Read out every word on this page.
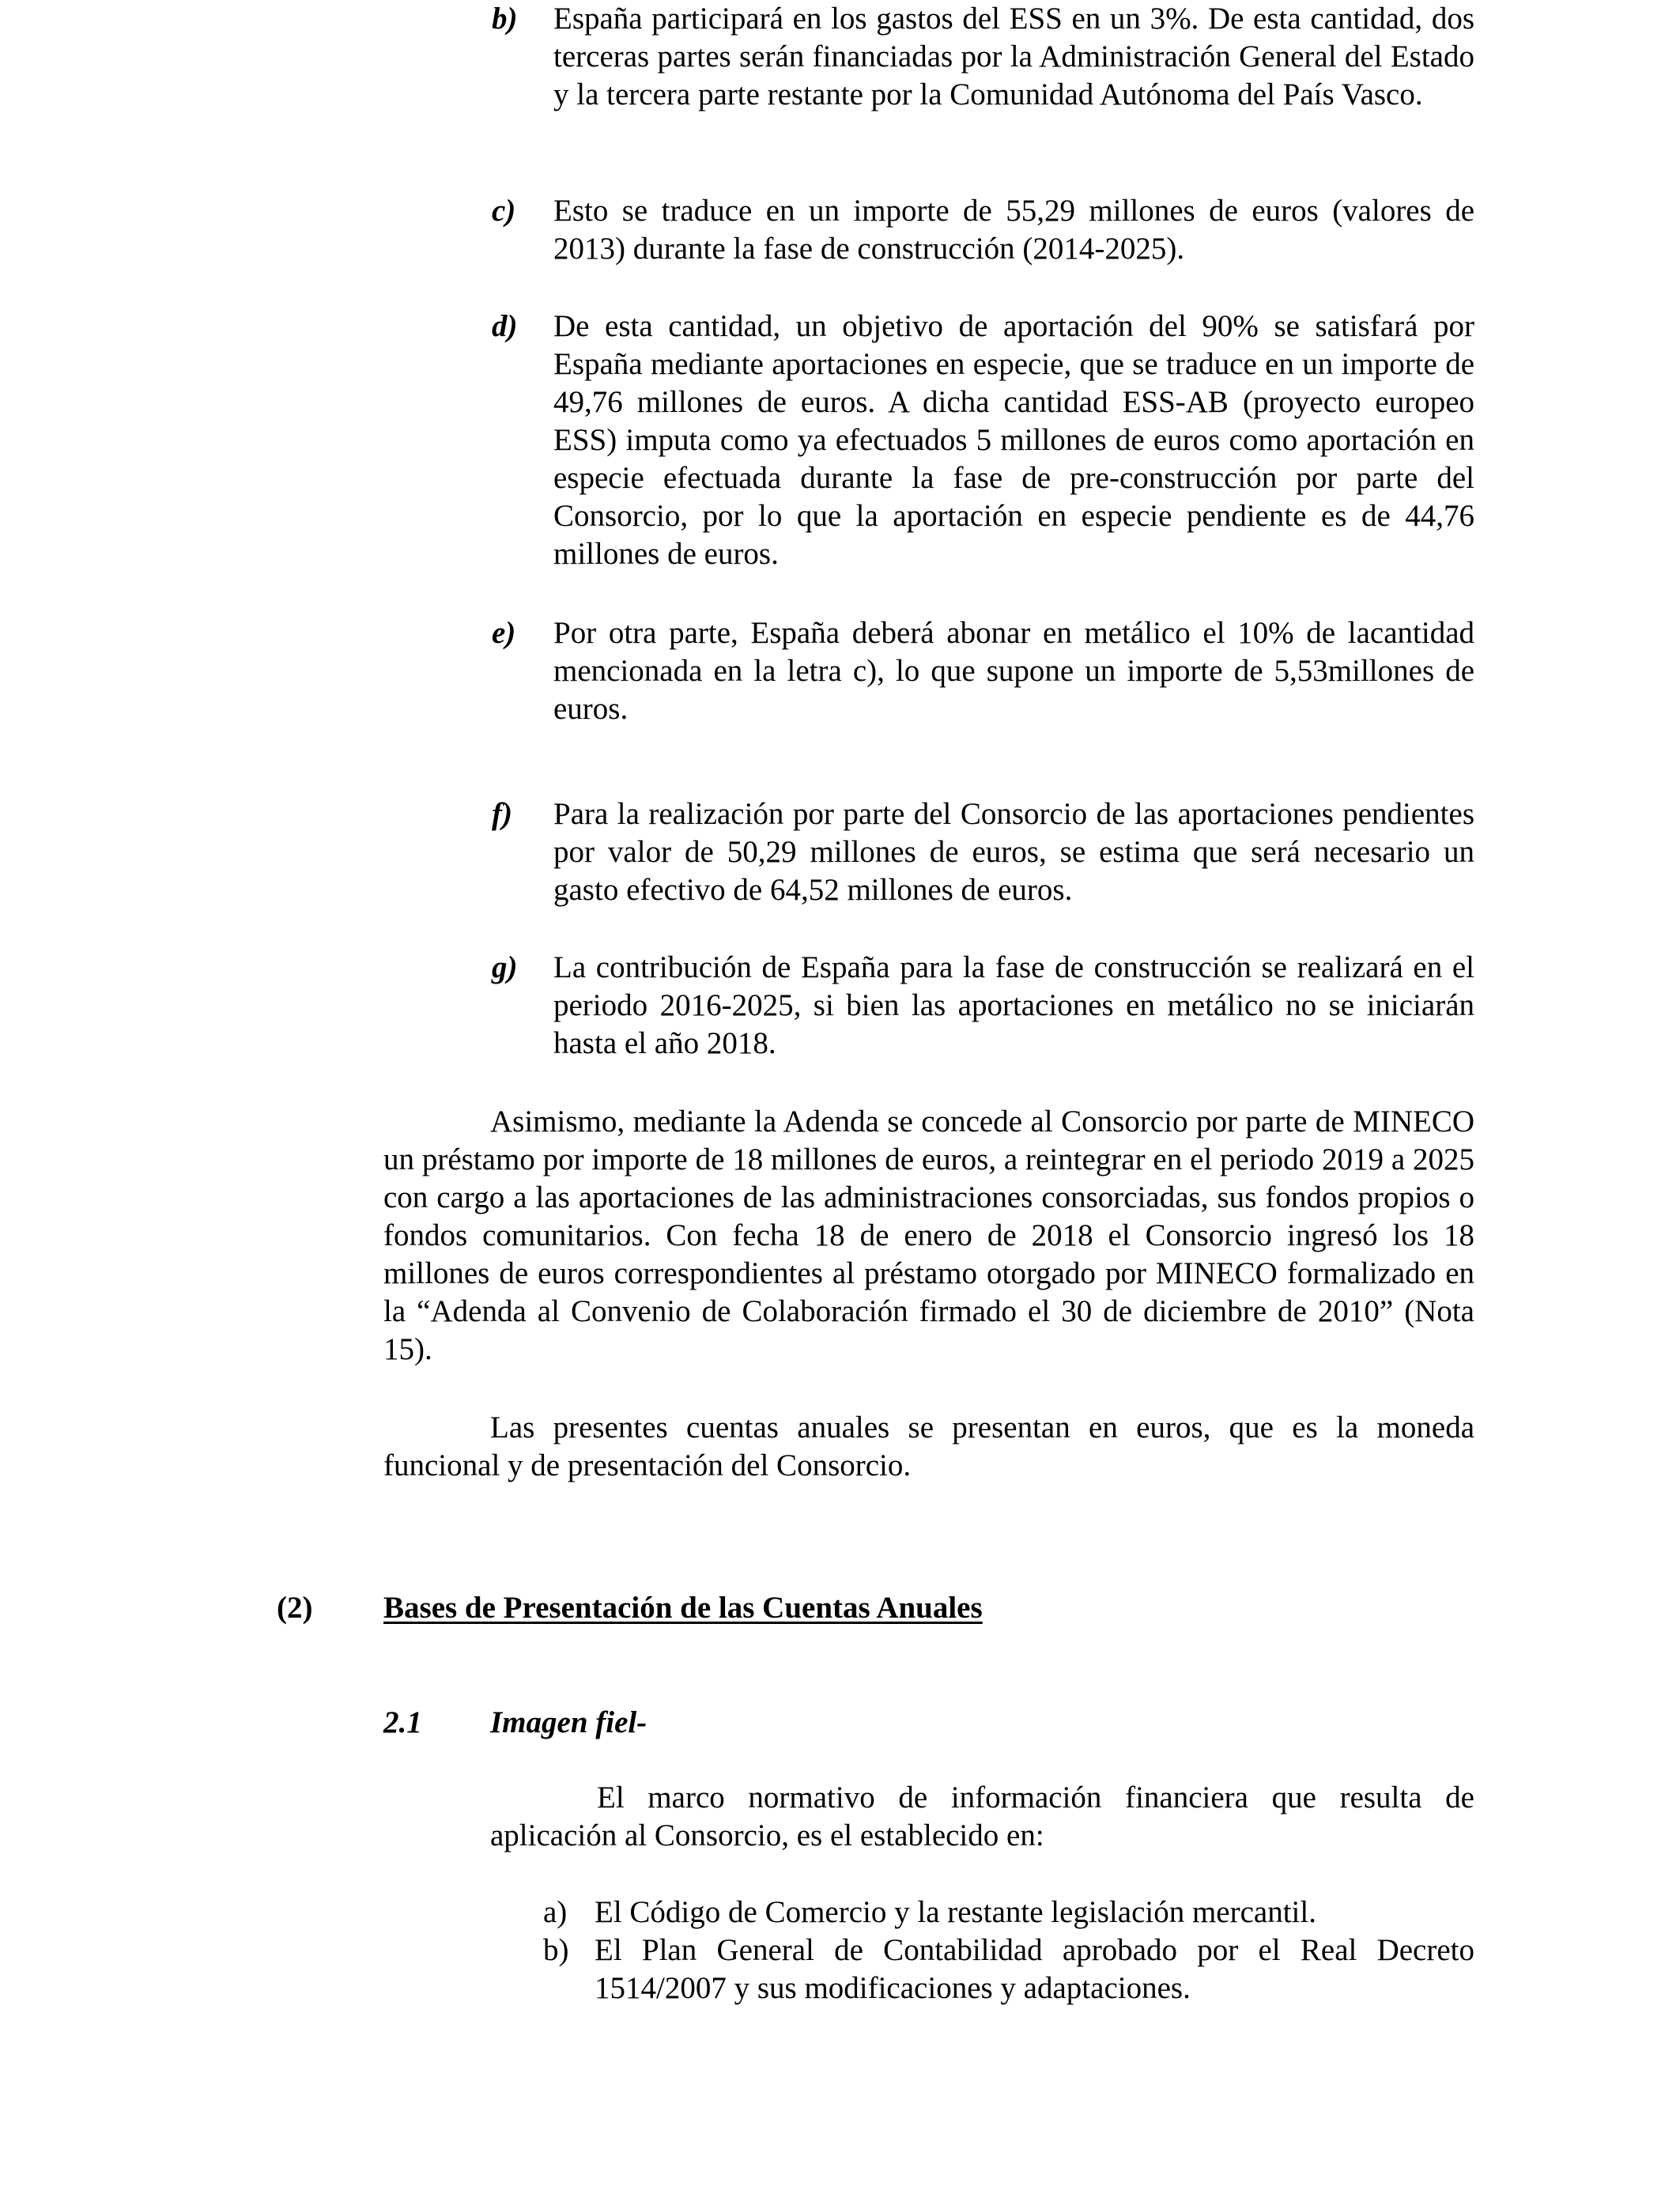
b)	España participará en los gastos del ESS en un 3%. De esta cantidad, dos terceras partes serán financiadas por la Administración General del Estado y la tercera parte restante por la Comunidad Autónoma del País Vasco.
c)	Esto se traduce en un importe de 55,29 millones de euros (valores de 2013) durante la fase de construcción (2014-2025).
d)	De esta cantidad, un objetivo de aportación del 90% se satisfará por España mediante aportaciones en especie, que se traduce en un importe de 49,76 millones de euros. A dicha cantidad ESS-AB (proyecto europeo ESS) imputa como ya efectuados 5 millones de euros como aportación en especie efectuada durante la fase de pre-construcción por parte del Consorcio, por lo que la aportación en especie pendiente es de 44,76 millones de euros.
e)	Por otra parte, España deberá abonar en metálico el 10% de lacantidad mencionada en la letra c), lo que supone un importe de 5,53millones de euros.
f)	Para la realización por parte del Consorcio de las aportaciones pendientes por valor de 50,29 millones de euros, se estima que será necesario un gasto efectivo de 64,52 millones de euros.
g)	La contribución de España para la fase de construcción se realizará en el periodo 2016-2025, si bien las aportaciones en metálico no se iniciarán hasta el año 2018.
Asimismo, mediante la Adenda se concede al Consorcio por parte de MINECO un préstamo por importe de 18 millones de euros, a reintegrar en el periodo 2019 a 2025 con cargo a las aportaciones de las administraciones consorciadas, sus fondos propios o fondos comunitarios. Con fecha 18 de enero de 2018 el Consorcio ingresó los 18 millones de euros correspondientes al préstamo otorgado por MINECO formalizado en la “Adenda al Convenio de Colaboración firmado el 30 de diciembre de 2010” (Nota 15).
Las presentes cuentas anuales se presentan en euros, que es la moneda funcional y de presentación del Consorcio.
(2) Bases de Presentación de las Cuentas Anuales
2.1 Imagen fiel-
El marco normativo de información financiera que resulta de aplicación al Consorcio, es el establecido en:
a) El Código de Comercio y la restante legislación mercantil.
b) El Plan General de Contabilidad aprobado por el Real Decreto 1514/2007 y sus modificaciones y adaptaciones.
